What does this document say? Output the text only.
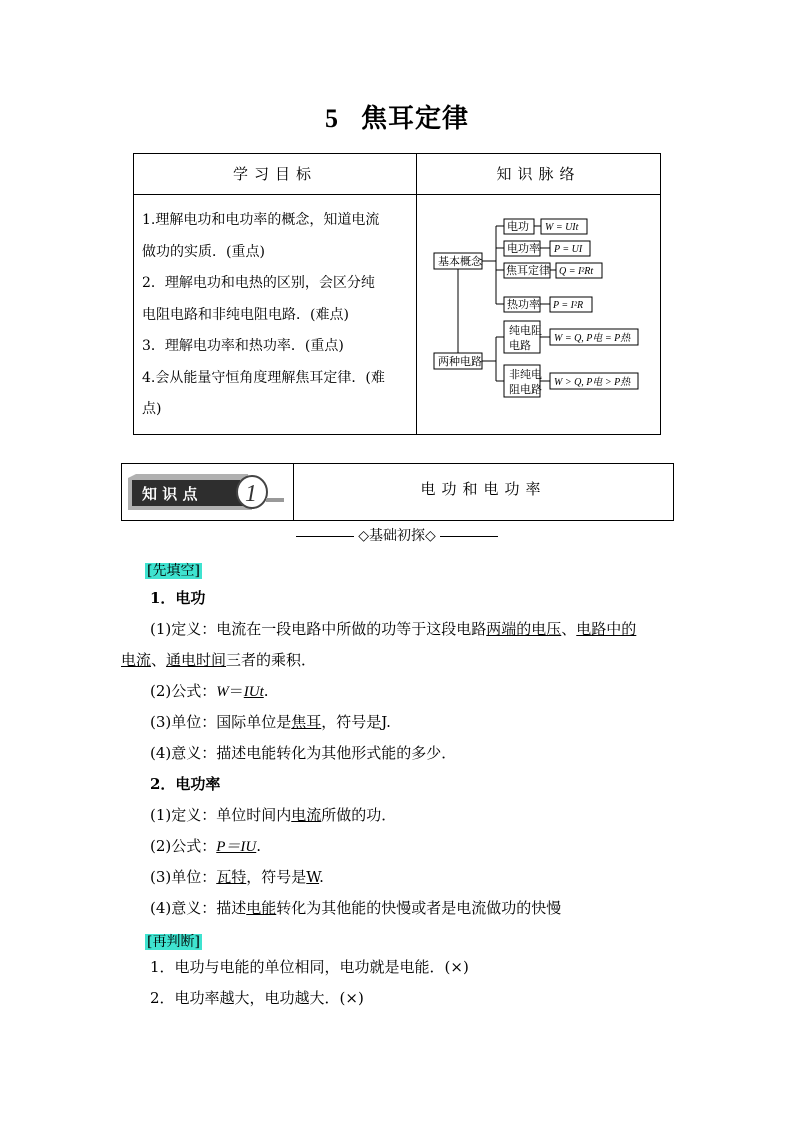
5 焦耳定律
学习目标	知识脉络
1.理解电功和电功率的概念，知道电流
做功的实质．(重点)
2．理解电功和电热的区别，会区分纯
电阻电路和非纯电阻电路．(难点)
3．理解电功率和热功率．(重点)
4.会从能量守恒角度理解焦耳定律．(难
点)
基本概念
两种电路
电功
电功率
焦耳定律
热功率
W = UIt
P = UI
Q = I²Rt
P = I²R
纯电阻
电路
非纯电
阻电路
W = Q, P电 = P热
W > Q, P电 > P热
知 识 点 1	电功和电功率
◇基础初探◇
[先填空]
1．电功
(1)定义：电流在一段电路中所做的功等于这段电路两端的电压、电路中的
电流、通电时间三者的乘积．
(2)公式：W＝IUt.
(3)单位：国际单位是焦耳，符号是J.
(4)意义：描述电能转化为其他形式能的多少．
2．电功率
(1)定义：单位时间内电流所做的功．
(2)公式：P＝IU.
(3)单位：瓦特，符号是W.
(4)意义：描述电能转化为其他能的快慢或者是电流做功的快慢
[再判断]
1．电功与电能的单位相同，电功就是电能．(×)
2．电功率越大，电功越大．(×)
